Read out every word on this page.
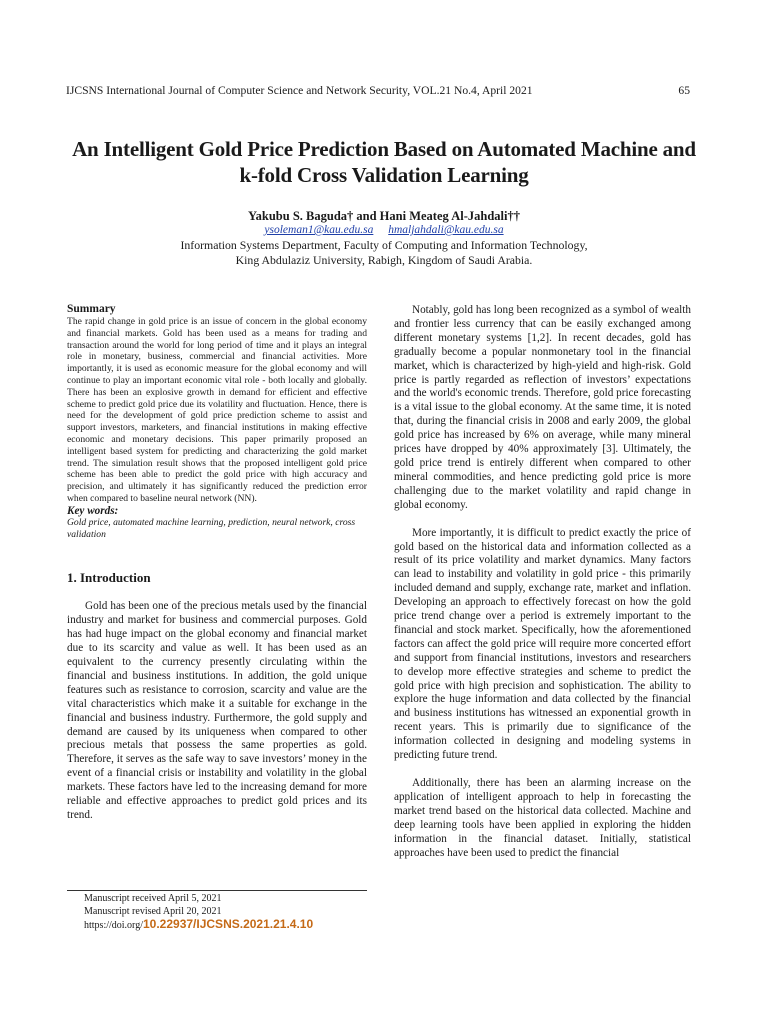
IJCSNS International Journal of Computer Science and Network Security, VOL.21 No.4, April 2021	65
An Intelligent Gold Price Prediction Based on Automated Machine and
k-fold Cross Validation Learning
Yakubu S. Baguda† and Hani Meateg Al-Jahdali††
ysoleman1@kau.edu.sa hmaljahdali@kau.edu.sa
Information Systems Department, Faculty of Computing and Information Technology,
King Abdulaziz University, Rabigh, Kingdom of Saudi Arabia.

Summary

The rapid change in gold price is an issue of concern in the global economy and financial markets. Gold has been used as a means for trading and transaction around the world for long period of time and it plays an integral role in monetary, business, commercial and financial activities. More importantly, it is used as economic measure for the global economy and will continue to play an important economic vital role - both locally and globally. There has been an explosive growth in demand for efficient and effective scheme to predict gold price due its volatility and fluctuation. Hence, there is need for the development of gold price prediction scheme to assist and support investors, marketers, and financial institutions in making effective economic and monetary decisions. This paper primarily proposed an intelligent based system for predicting and characterizing the gold market trend. The simulation result shows that the proposed intelligent gold price scheme has been able to predict the gold price with high accuracy and precision, and ultimately it has significantly reduced the prediction error when compared to baseline neural network (NN).

Key words:

Gold price, automated machine learning, prediction, neural network, cross validation

1. Introduction

Gold has been one of the precious metals used by the financial industry and market for business and commercial purposes. Gold has had huge impact on the global economy and financial market due to its scarcity and value as well. It has been used as an equivalent to the currency presently circulating within the financial and business institutions. In addition, the gold unique features such as resistance to corrosion, scarcity and value are the vital characteristics which make it a suitable for exchange in the financial and business industry. Furthermore, the gold supply and demand are caused by its uniqueness when compared to other precious metals that possess the same properties as gold. Therefore, it serves as the safe way to save investors’ money in the event of a financial crisis or instability and volatility in the global markets. These factors have led to the increasing demand for more reliable and effective approaches to predict gold prices and its trend.

Notably, gold has long been recognized as a symbol of wealth and frontier less currency that can be easily exchanged among different monetary systems [1,2]. In recent decades, gold has gradually become a popular nonmonetary tool in the financial market, which is characterized by high-yield and high-risk. Gold price is partly regarded as reflection of investors’ expectations and the world's economic trends. Therefore, gold price forecasting is a vital issue to the global economy. At the same time, it is noted that, during the financial crisis in 2008 and early 2009, the global gold price has increased by 6% on average, while many mineral prices have dropped by 40% approximately [3]. Ultimately, the gold price trend is entirely different when compared to other mineral commodities, and hence predicting gold price is more challenging due to the market volatility and rapid change in global economy.

More importantly, it is difficult to predict exactly the price of gold based on the historical data and information collected as a result of its price volatility and market dynamics. Many factors can lead to instability and volatility in gold price - this primarily included demand and supply, exchange rate, market and inflation. Developing an approach to effectively forecast on how the gold price trend change over a period is extremely important to the financial and stock market. Specifically, how the aforementioned factors can affect the gold price will require more concerted effort and support from financial institutions, investors and researchers to develop more effective strategies and scheme to predict the gold price with high precision and sophistication. The ability to explore the huge information and data collected by the financial and business institutions has witnessed an exponential growth in recent years. This is primarily due to significance of the information collected in designing and modeling systems in predicting future trend.

Additionally, there has been an alarming increase on the application of intelligent approach to help in forecasting the market trend based on the historical data collected. Machine and deep learning tools have been applied in exploring the hidden information in the financial dataset. Initially, statistical approaches have been used to predict the financial

Manuscript received April 5, 2021
Manuscript revised April 20, 2021
https://doi.org/10.22937/IJCSNS.2021.21.4.10
